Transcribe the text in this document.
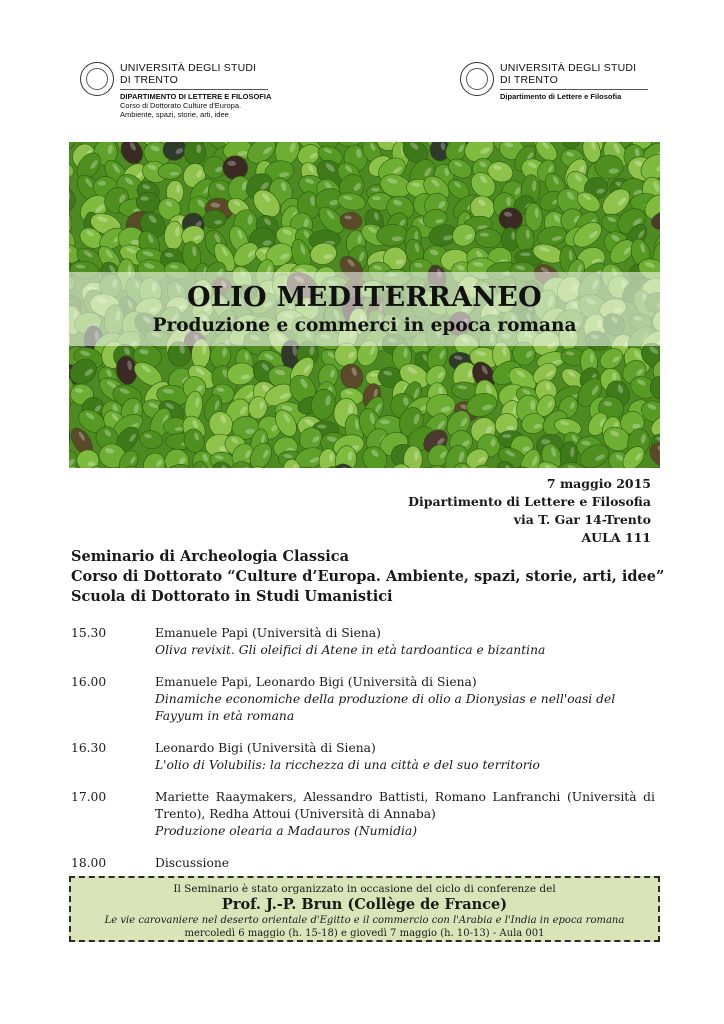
UNIVERSITÀ DEGLI STUDI
DI TRENTO
DIPARTIMENTO DI LETTERE E FILOSOFIA
Corso di Dottorato Culture d'Europa.
Ambiente, spazi, storie, arti, idee
UNIVERSITÀ DEGLI STUDI
DI TRENTO
Dipartimento di Lettere e Filosofia
OLIO MEDITERRANEO
Produzione e commerci in epoca romana
7 maggio 2015
Dipartimento di Lettere e Filosofia
via T. Gar 14-Trento
AULA 111
Seminario di Archeologia Classica
Corso di Dottorato “Culture d’Europa. Ambiente, spazi, storie, arti, idee”
Scuola di Dottorato in Studi Umanistici
15.30	Emanuele Papi (Università di Siena)
Oliva revixit. Gli oleifici di Atene in età tardoantica e bizantina
16.00	Emanuele Papi, Leonardo Bigi (Università di Siena)
Dinamiche economiche della produzione di olio a Dionysias e nell'oasi del Fayyum in età romana
16.30	Leonardo Bigi (Università di Siena)
L'olio di Volubilis: la ricchezza di una città e del suo territorio
17.00	Mariette Raaymakers, Alessandro Battisti, Romano Lanfranchi (Università di Trento), Redha Attoui (Università di Annaba)
Produzione olearia a Madauros (Numidia)
18.00	Discussione
Il Seminario è stato organizzato in occasione del ciclo di conferenze del
Prof. J.-P. Brun (Collège de France)
Le vie carovaniere nel deserto orientale d'Egitto e il commercio con l'Arabia e l'India in epoca romana
mercoledì 6 maggio (h. 15-18) e giovedì 7 maggio (h. 10-13) - Aula 001
